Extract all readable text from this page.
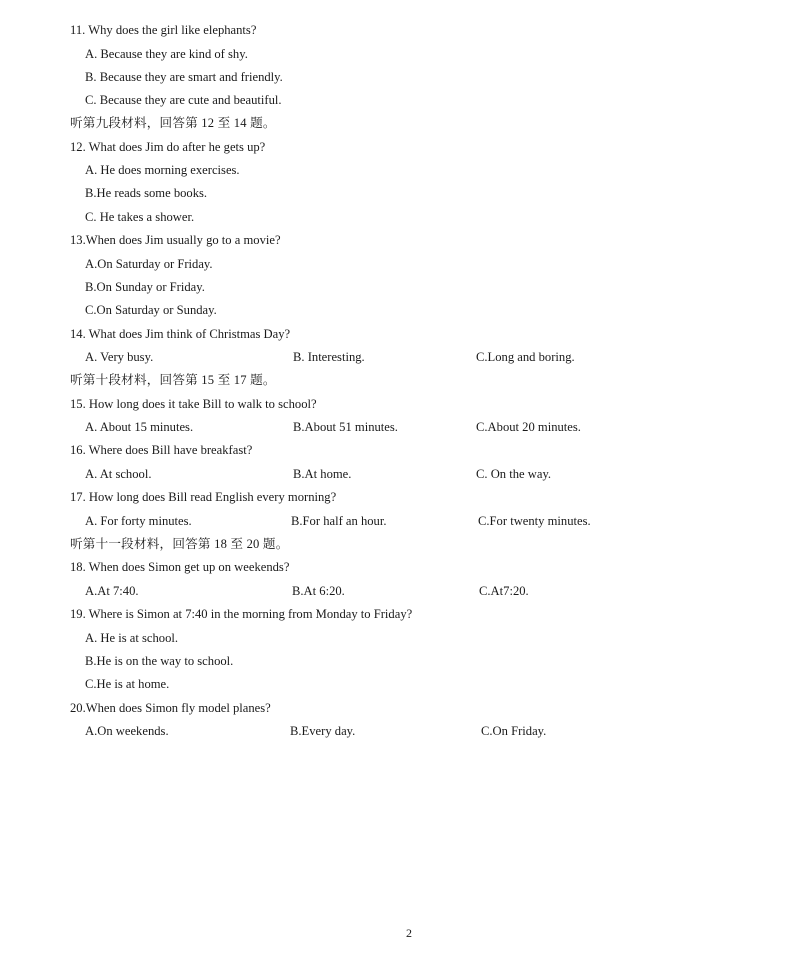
11. Why does the girl like elephants?
A. Because they are kind of shy.
B. Because they are smart and friendly.
C. Because they are cute and beautiful.
听第九段材料，回答第 12 至 14 题。
12. What does Jim do after he gets up?
A. He does morning exercises.
B.He reads some books.
C. He takes a shower.
13.When does Jim usually go to a movie?
A.On Saturday or Friday.
B.On Sunday or Friday.
C.On Saturday or Sunday.
14. What does Jim think of Christmas Day?
A. Very busy.	B. Interesting.	C.Long and boring.
听第十段材料，回答第 15 至 17 题。
15. How long does it take Bill to walk to school?
A. About 15 minutes.	B.About 51 minutes.	C.About 20 minutes.
16. Where does Bill have breakfast?
A. At school.	B.At home.	C. On the way.
17. How long does Bill read English every morning?
A. For forty minutes.	B.For half an hour.	C.For twenty minutes.
听第十一段材料，回答第 18 至 20 题。
18. When does Simon get up on weekends?
A.At 7:40.	B.At 6:20.	C.At7:20.
19. Where is Simon at 7:40 in the morning from Monday to Friday?
A. He is at school.
B.He is on the way to school.
C.He is at home.
20.When does Simon fly model planes?
A.On weekends.	B.Every day.	C.On Friday.
2
